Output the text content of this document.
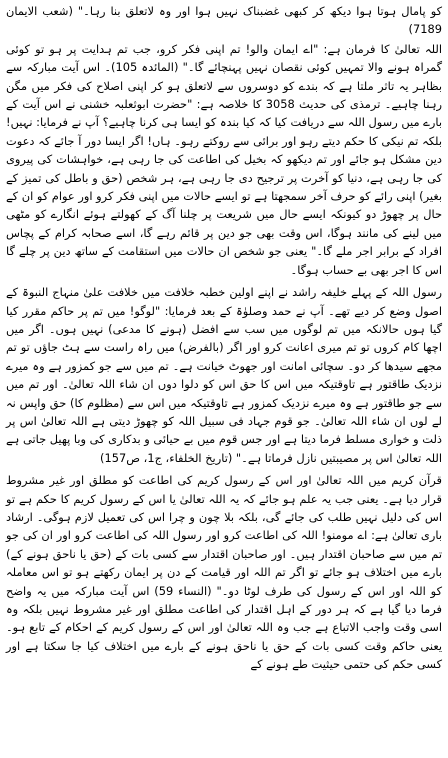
کو پامال ہوتا ہوا دیکھ کر کبھی غضبناک نہیں ہوا اور وہ لاتعلق بنا رہا۔" (شعب الایمان 7189)

اللہ تعالیٰ کا فرمان ہے: "اے ایمان والو! تم اپنی فکر کرو، جب تم ہدایت پر ہو تو کوئی گمراہ ہونے والا تمہیں کوئی نقصان نہیں پہنچائے گا۔" (المائدہ 105)۔ اس آیت مبارکہ سے بظاہر یہ تاثر ملتا ہے کہ بندے کو دوسروں سے لاتعلق ہو کر اپنی اصلاح کی فکر میں مگن رہنا چاہیے۔ ترمذی کی حدیث 3058 کا خلاصہ ہے: "حضرت ابوثعلبہ خشنی نے اس آیت کے بارے میں رسول اللہ سے دریافت کیا کہ کیا بندہ کو ایسا ہی کرنا چاہیے؟ آپ نے فرمایا: نہیں! بلکہ تم نیکی کا حکم دیتے رہو اور برائی سے روکتے رہو۔ ہاں! اگر ایسا دور آ جائے کہ دعوت دین مشکل ہو جائے اور تم دیکھو کہ بخیل کی اطاعت کی جا رہی ہے، خواہشات کی پیروی کی جا رہی ہے، دنیا کو آخرت پر ترجیح دی جا رہی ہے، ہر شخص (حق و باطل کی تمیز کے بغیر) اپنی رائے کو حرف آخر سمجھتا ہے تو ایسے حالات میں اپنی فکر کرو اور عوام کو ان کے حال پر چھوڑ دو کیونکہ ایسے حال میں شریعت پر چلنا آگ کے کھولتے ہوئے انگارے کو مٹھی میں لینے کی مانند ہوگا، اس وقت بھی جو دین پر قائم رہے گا، اسے صحابہ کرام کے پچاس افراد کے برابر اجر ملے گا۔" یعنی جو شخص ان حالات میں استقامت کے ساتھ دین پر چلے گا اس کا اجر بھی بے حساب ہوگا۔

رسول اللہ کے پہلے خلیفہ راشد نے اپنے اولین خطبہ خلافت میں خلافت علیٰ منہاج النبوۃ کے اصول وضع کر دیے تھے۔ آپ نے حمد وصلوٰۃ کے بعد فرمایا: "لوگو! میں تم پر حاکم مقرر کیا گیا ہوں حالانکہ میں تم لوگوں میں سب سے افضل (ہونے کا مدعی) نہیں ہوں۔ اگر میں اچھا کام کروں تو تم میری اعانت کرو اور اگر (بالفرض) میں راہ راست سے ہٹ جاؤں تو تم مجھے سیدھا کر دو۔ سچائی امانت اور جھوٹ خیانت ہے۔ تم میں سے جو کمزور ہے وہ میرے نزدیک طاقتور ہے تاوقتیکہ میں اس کا حق اس کو دلوا دوں ان شاء اللہ تعالیٰ۔ اور تم میں سے جو طاقتور ہے وہ میرے نزدیک کمزور ہے تاوقتیکہ میں اس سے (مظلوم کا) حق واپس نہ لے لوں ان شاء اللہ تعالیٰ۔ جو قوم جہاد فی سبیل اللہ کو چھوڑ دیتی ہے اللہ تعالیٰ اس پر ذلت و خواری مسلط فرما دیتا ہے اور جس قوم میں بے حیائی و بدکاری کی وبا پھیل جاتی ہے اللہ تعالیٰ اس پر مصیبتیں نازل فرماتا ہے۔" (تاریخ الخلفاء، ج1، ص157)

قرآن کریم میں اللہ تعالیٰ اور اس کے رسول کریم کی اطاعت کو مطلق اور غیر مشروط قرار دیا ہے۔ یعنی جب یہ علم ہو جائے کہ یہ اللہ تعالیٰ یا اس کے رسول کریم کا حکم ہے تو اس کی دلیل نہیں طلب کی جائے گی، بلکہ بلا چون و چرا اس کی تعمیل لازم ہوگی۔ ارشاد باری تعالیٰ ہے: اے مومنو! اللہ کی اطاعت کرو اور رسول اللہ کی اطاعت کرو اور ان کی جو تم میں سے صاحبان اقتدار ہیں۔ اور صاحبان اقتدار سے کسی بات کے (حق یا ناحق ہونے کے) بارے میں اختلاف ہو جائے تو اگر تم اللہ اور قیامت کے دن پر ایمان رکھتے ہو تو اس معاملہ کو اللہ اور اس کے رسول کی طرف لوٹا دو۔" (النساء 59) اس آیت مبارکہ میں یہ واضح فرما دیا گیا ہے کہ ہر دور کے اہل اقتدار کی اطاعت مطلق اور غیر مشروط نہیں بلکہ وہ اسی وقت واجب الاتباع ہے جب وہ اللہ تعالیٰ اور اس کے رسول کریم کے احکام کے تابع ہو۔ یعنی حاکم وقت کسی بات کے حق یا ناحق ہونے کے بارے میں اختلاف کیا جا سکتا ہے اور کسی حکم کی حتمی حیثیت طے ہونے کے
